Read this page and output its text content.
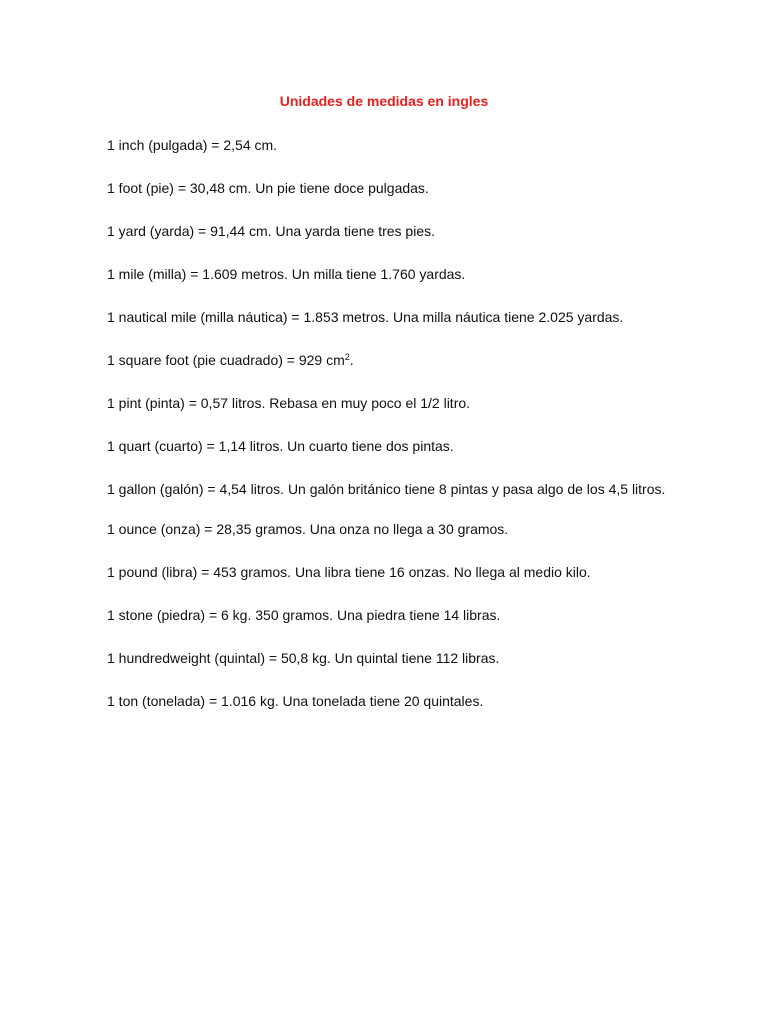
Unidades de medidas en ingles

1 inch (pulgada) = 2,54 cm.

1 foot (pie) = 30,48 cm. Un pie tiene doce pulgadas.

1 yard (yarda) = 91,44 cm. Una yarda tiene tres pies.

1 mile (milla) = 1.609 metros. Un milla tiene 1.760 yardas.

1 nautical mile (milla náutica) = 1.853 metros. Una milla náutica tiene 2.025 yardas.

1 square foot (pie cuadrado) = 929 $cm^2$.

1 pint (pinta) = 0,57 litros. Rebasa en muy poco el 1/2 litro.

1 quart (cuarto) = 1,14 litros. Un cuarto tiene dos pintas.

1 gallon (galón) = 4,54 litros. Un galón británico tiene 8 pintas y pasa algo de los 4,5 litros.

1 ounce (onza) = 28,35 gramos. Una onza no llega a 30 gramos.

1 pound (libra) = 453 gramos. Una libra tiene 16 onzas. No llega al medio kilo.

1 stone (piedra) = 6 kg. 350 gramos. Una piedra tiene 14 libras.

1 hundredweight (quintal) = 50,8 kg. Un quintal tiene 112 libras.

1 ton (tonelada) = 1.016 kg. Una tonelada tiene 20 quintales.
